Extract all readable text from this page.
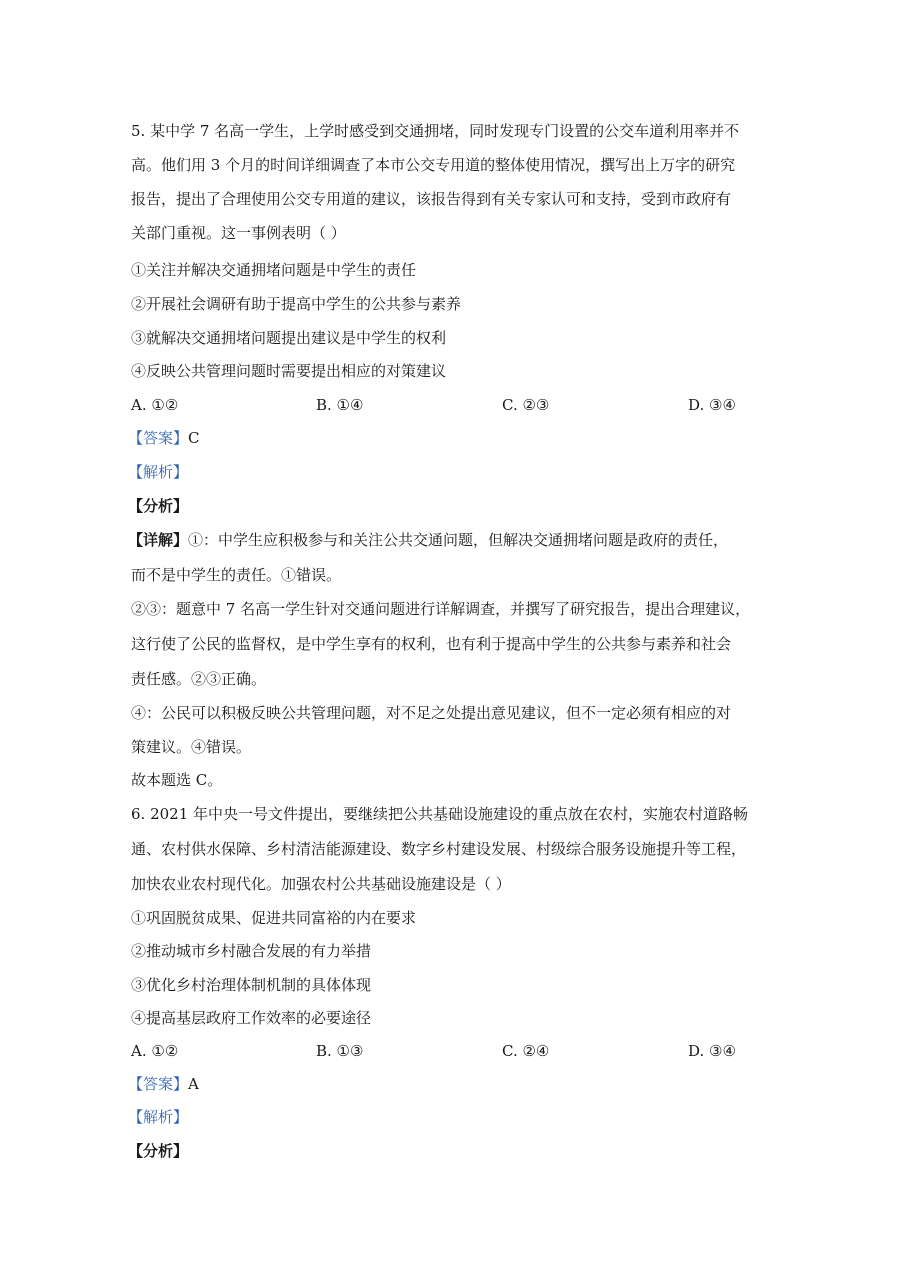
5. 某中学 7 名高一学生，上学时感受到交通拥堵，同时发现专门设置的公交车道利用率并不
高。他们用 3 个月的时间详细调查了本市公交专用道的整体使用情况，撰写出上万字的研究
报告，提出了合理使用公交专用道的建议，该报告得到有关专家认可和支持，受到市政府有
关部门重视。这一事例表明（ ）
①关注并解决交通拥堵问题是中学生的责任
②开展社会调研有助于提高中学生的公共参与素养
③就解决交通拥堵问题提出建议是中学生的权利
④反映公共管理问题时需要提出相应的对策建议
A. ①②	B. ①④	C. ②③	D. ③④
【答案】C
【解析】
【分析】
【详解】①：中学生应积极参与和关注公共交通问题，但解决交通拥堵问题是政府的责任，
而不是中学生的责任。①错误。
②③：题意中 7 名高一学生针对交通问题进行详解调查，并撰写了研究报告，提出合理建议，
这行使了公民的监督权，是中学生享有的权利，也有利于提高中学生的公共参与素养和社会
责任感。②③正确。
④：公民可以积极反映公共管理问题，对不足之处提出意见建议，但不一定必须有相应的对
策建议。④错误。
故本题选 C。
6. 2021 年中央一号文件提出，要继续把公共基础设施建设的重点放在农村，实施农村道路畅
通、农村供水保障、乡村清洁能源建设、数字乡村建设发展、村级综合服务设施提升等工程，
加快农业农村现代化。加强农村公共基础设施建设是（ ）
①巩固脱贫成果、促进共同富裕的内在要求
②推动城市乡村融合发展的有力举措
③优化乡村治理体制机制的具体体现
④提高基层政府工作效率的必要途径
A. ①②	B. ①③	C. ②④	D. ③④
【答案】A
【解析】
【分析】
